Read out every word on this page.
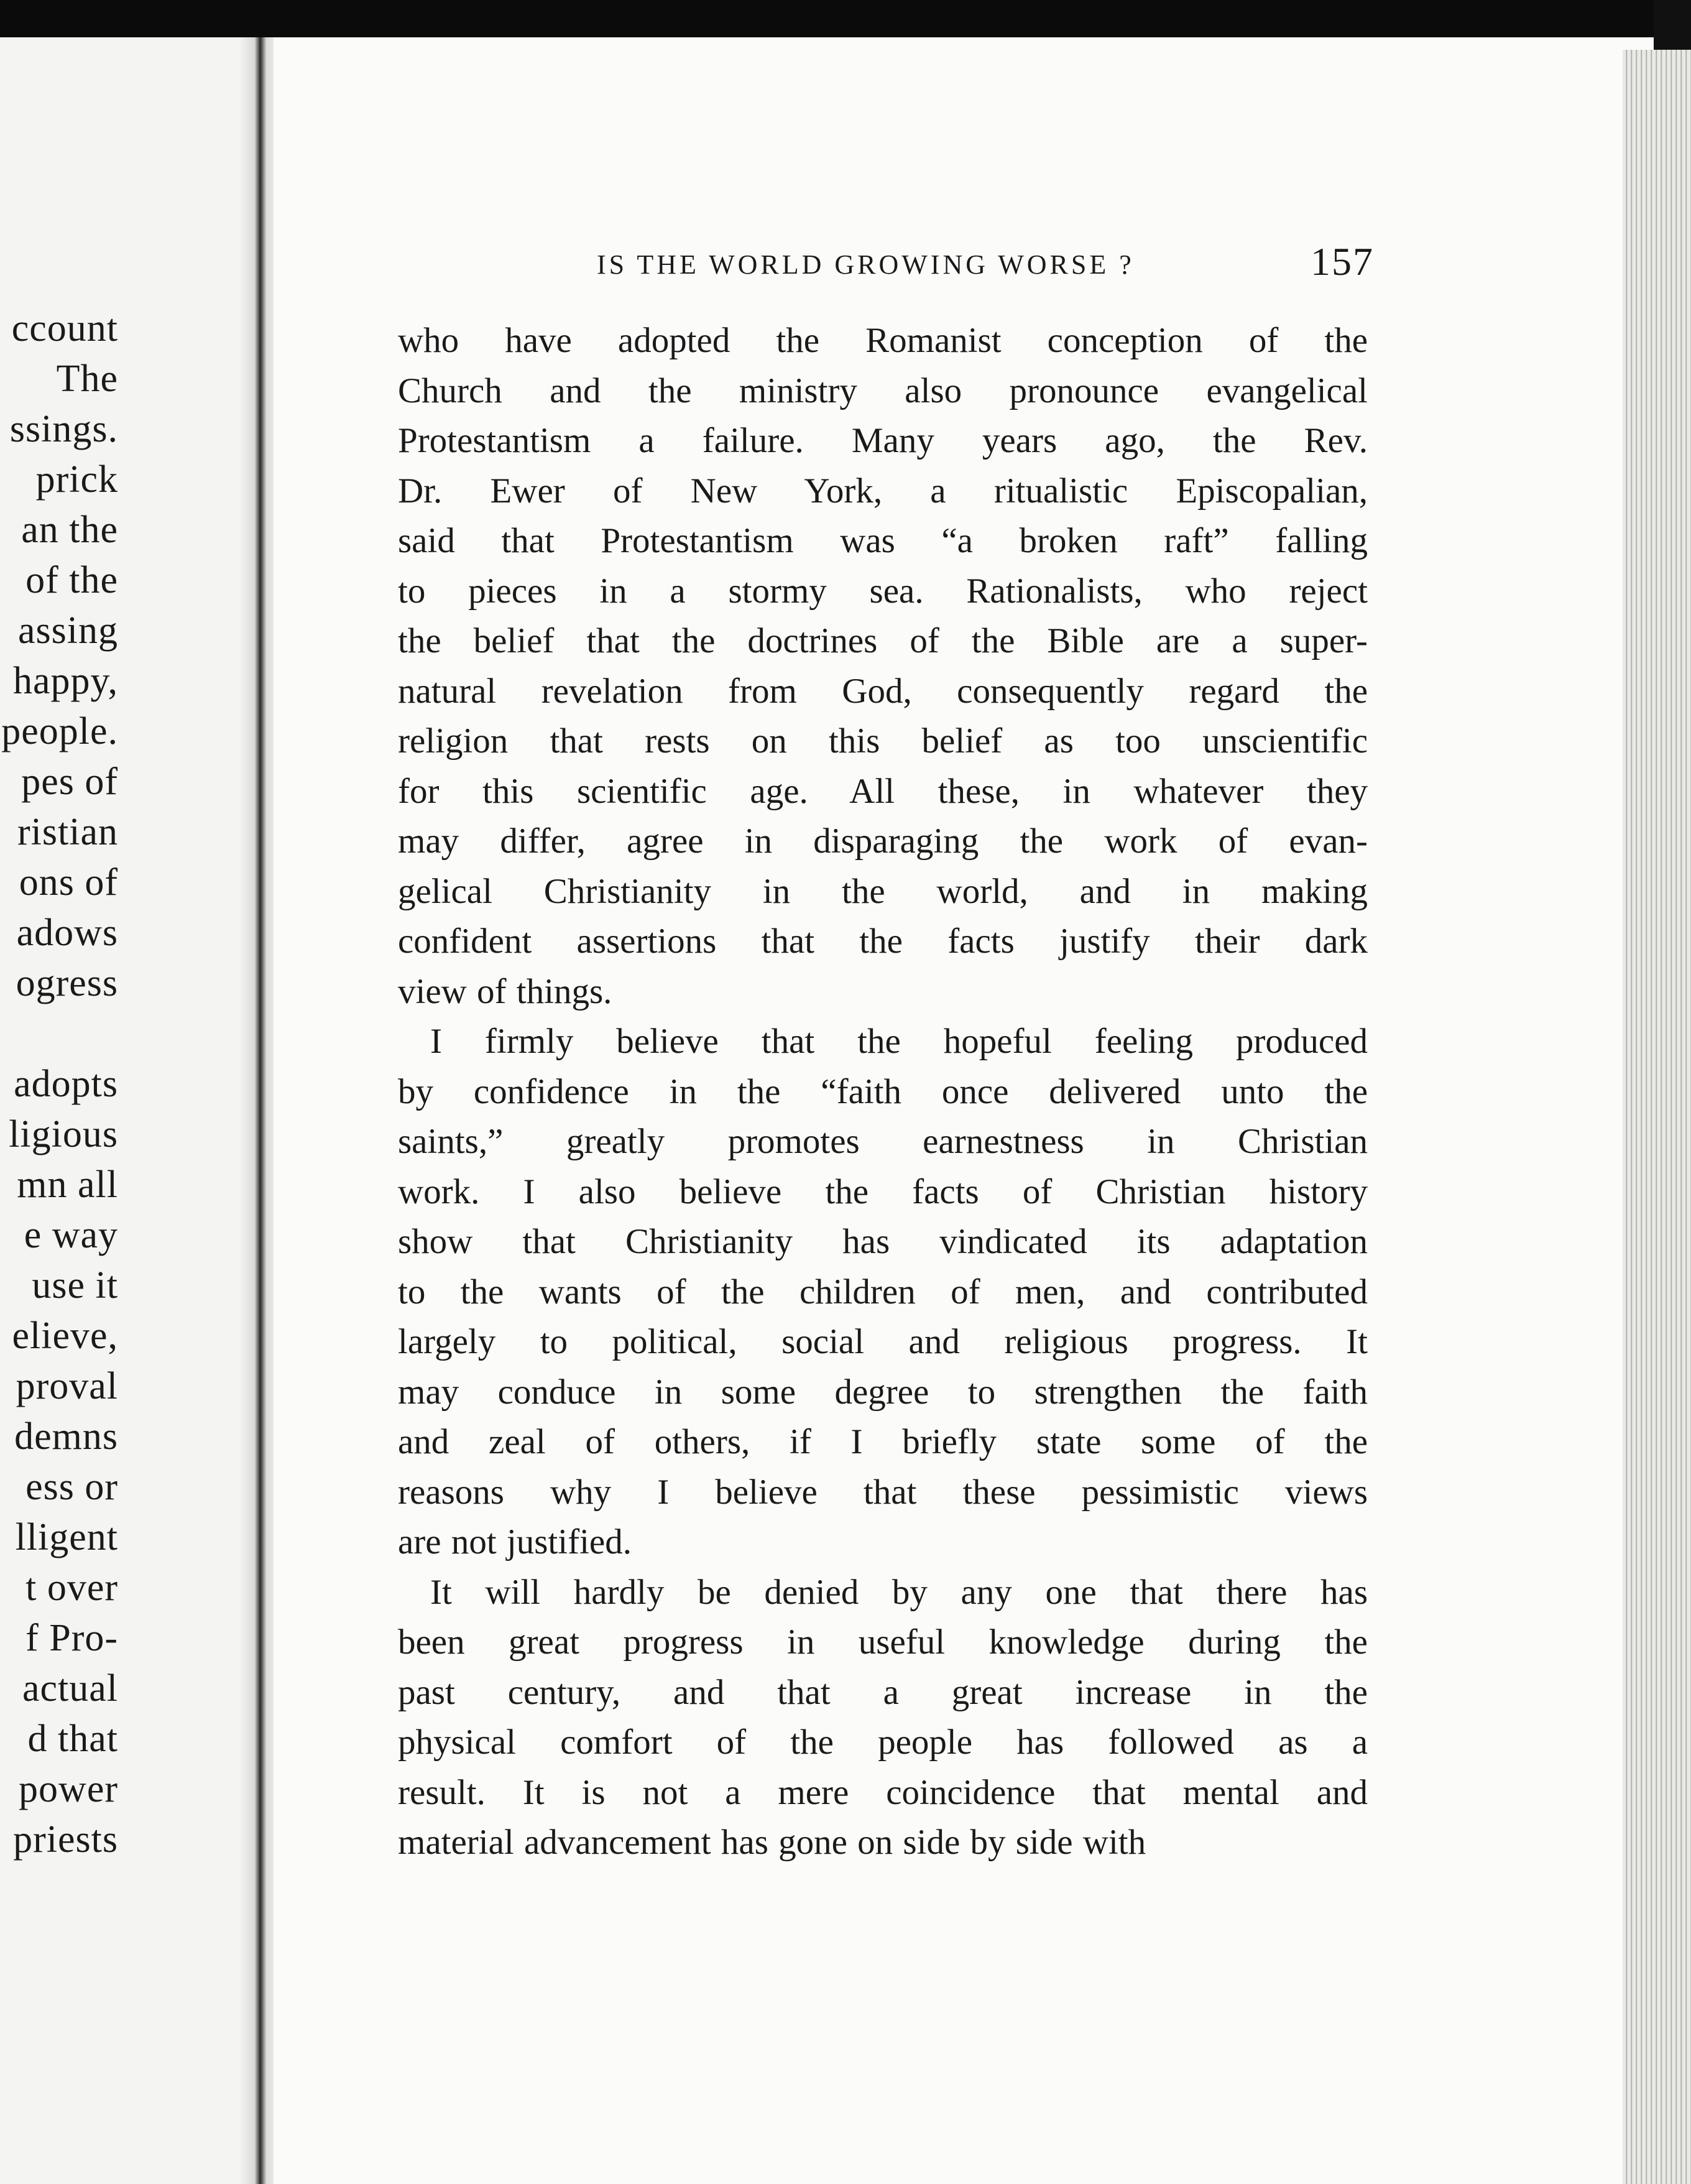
ccount
The
ssings.
prick
an the
of the
assing
happy,
people.
pes of
ristian
ons of
adows
ogress
adopts
ligious
mn all
e way
use it
elieve,
proval
demns
ess or
lligent
t over
f Pro-
actual
d that
power
priests
IS THE WORLD GROWING WORSE ?	157
who have adopted the Romanist conception of the
Church and the ministry also pronounce evangelical
Protestantism a failure. Many years ago, the Rev.
Dr. Ewer of New York, a ritualistic Episcopalian,
said that Protestantism was “a broken raft” falling
to pieces in a stormy sea. Rationalists, who reject
the belief that the doctrines of the Bible are a super-
natural revelation from God, consequently regard the
religion that rests on this belief as too unscientific
for this scientific age. All these, in whatever they
may differ, agree in disparaging the work of evan-
gelical Christianity in the world, and in making
confident assertions that the facts justify their dark
view of things.
I firmly believe that the hopeful feeling produced
by confidence in the “faith once delivered unto the
saints,” greatly promotes earnestness in Christian
work. I also believe the facts of Christian history
show that Christianity has vindicated its adaptation
to the wants of the children of men, and contributed
largely to political, social and religious progress. It
may conduce in some degree to strengthen the faith
and zeal of others, if I briefly state some of the
reasons why I believe that these pessimistic views
are not justified.
It will hardly be denied by any one that there has
been great progress in useful knowledge during the
past century, and that a great increase in the
physical comfort of the people has followed as a
result. It is not a mere coincidence that mental and
material advancement has gone on side by side with
